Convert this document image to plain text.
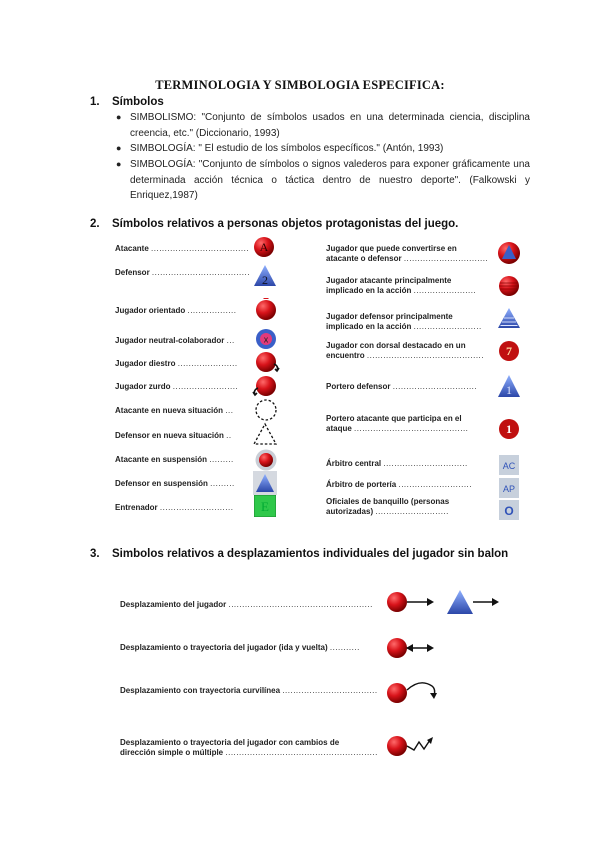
TERMINOLOGIA Y SIMBOLOGIA ESPECIFICA:
1. Símbolos
● SIMBOLISMO: "Conjunto de símbolos usados en una determinada ciencia, disciplina creencia, etc." (Diccionario, 1993)
● SIMBOLOGÍA: " El estudio de los símbolos específicos." (Antón, 1993)
● SIMBOLOGÍA: "Conjunto de símbolos o signos valederos para exponer gráficamente una determinada acción técnica o táctica dentro de nuestro deporte". (Falkowski y Enriquez,1987)
2. Símbolos relativos a personas objetos protagonistas del juego.
Atacante ....................................
Defensor ....................................
Jugador orientado ..................
Jugador neutral-colaborador ...
Jugador diestro ......................
Jugador zurdo ........................
Atacante en nueva situación ...
Defensor en nueva situación ..
Atacante en suspensión .........
Defensor en suspensión .........
Entrenador ...........................
A
2
x
E
Jugador que puede convertirse en
atacante o defensor ...............................
Jugador atacante principalmente
implicado en la acción .......................
Jugador defensor principalmente
implicado en la acción .........................
Jugador con dorsal destacado en un
encuentro ...........................................
Portero defensor ...............................
Portero atacante que participa en el
ataque ..........................................
Árbitro central ...............................
Árbitro de portería ...........................
Oficiales de banquillo (personas
autorizadas) ...........................
7
1
1
AC
AP
O
3. Simbolos relativos a desplazamientos individuales del jugador sin balon
Desplazamiento del jugador .....................................................
Desplazamiento o trayectoria del jugador (ida y vuelta) ...........
Desplazamiento con trayectoria curvilínea ...................................
Desplazamiento o trayectoria del jugador con cambios de
dirección simple o múltiple ........................................................
